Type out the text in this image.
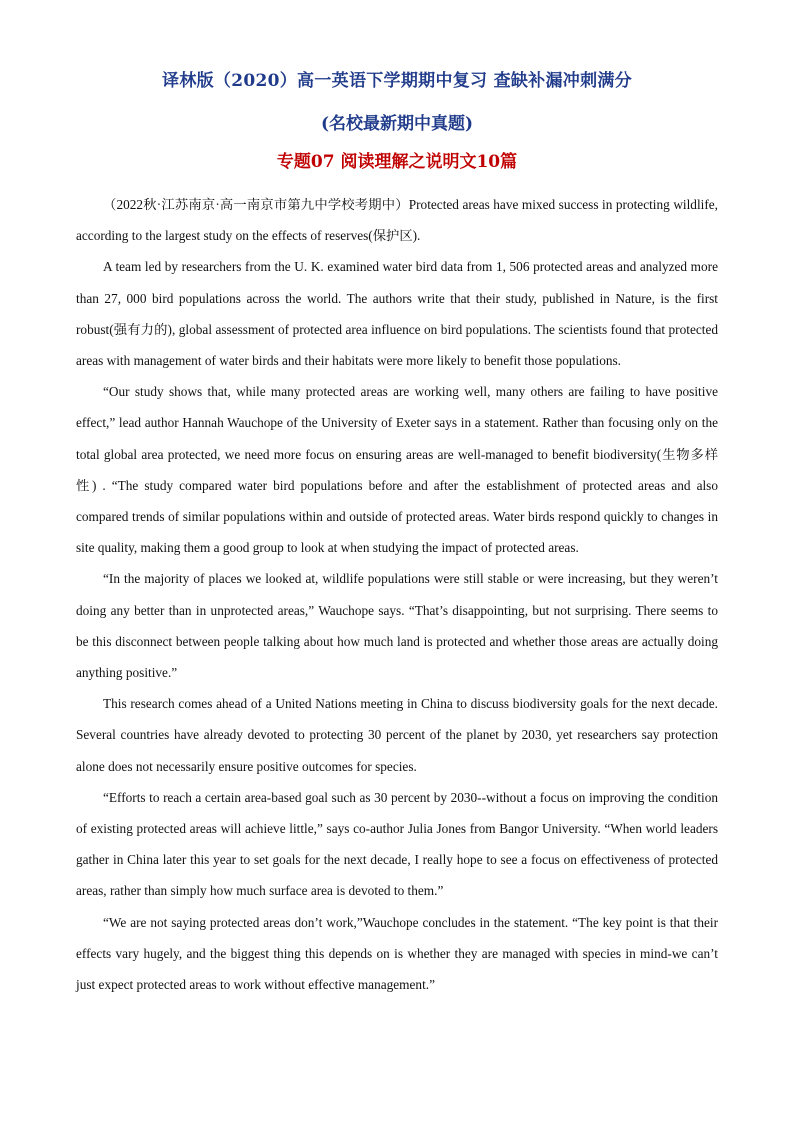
译林版（2020）高一英语下学期期中复习 查缺补漏冲刺满分
(名校最新期中真题)
专题07 阅读理解之说明文10篇

（2022秋·江苏南京·高一南京市第九中学校考期中）Protected areas have mixed success in protecting wildlife, according to the largest study on the effects of reserves(保护区).

A team led by researchers from the U. K. examined water bird data from 1, 506 protected areas and analyzed more than 27, 000 bird populations across the world. The authors write that their study, published in Nature, is the first robust(强有力的), global assessment of protected area influence on bird populations. The scientists found that protected areas with management of water birds and their habitats were more likely to benefit those populations.

“Our study shows that, while many protected areas are working well, many others are failing to have positive effect,” lead author Hannah Wauchope of the University of Exeter says in a statement. Rather than focusing only on the total global area protected, we need more focus on ensuring areas are well-managed to benefit biodiversity(生物多样性) . “The study compared water bird populations before and after the establishment of protected areas and also compared trends of similar populations within and outside of protected areas. Water birds respond quickly to changes in site quality, making them a good group to look at when studying the impact of protected areas.

“In the majority of places we looked at, wildlife populations were still stable or were increasing, but they weren’t doing any better than in unprotected areas,” Wauchope says. “That’s disappointing, but not surprising. There seems to be this disconnect between people talking about how much land is protected and whether those areas are actually doing anything positive.”

This research comes ahead of a United Nations meeting in China to discuss biodiversity goals for the next decade. Several countries have already devoted to protecting 30 percent of the planet by 2030, yet researchers say protection alone does not necessarily ensure positive outcomes for species.

“Efforts to reach a certain area-based goal such as 30 percent by 2030--without a focus on improving the condition of existing protected areas will achieve little,” says co-author Julia Jones from Bangor University. “When world leaders gather in China later this year to set goals for the next decade, I really hope to see a focus on effectiveness of protected areas, rather than simply how much surface area is devoted to them.”

“We are not saying protected areas don’t work,”Wauchope concludes in the statement. “The key point is that their effects vary hugely, and the biggest thing this depends on is whether they are managed with species in mind-we can’t just expect protected areas to work without effective management.”
